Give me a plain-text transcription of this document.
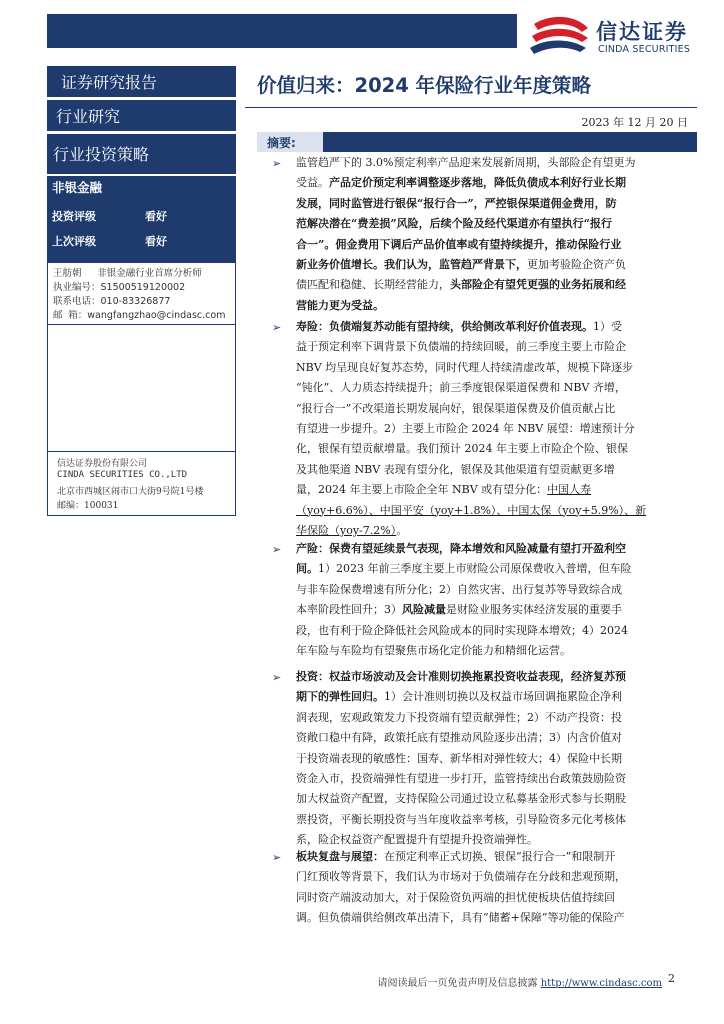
信达证券
CINDA SECURITIES
证券研究报告
行业研究
行业投资策略
非银金融
投资评级	看好
上次评级	看好
王舫朝 非银金融行业首席分析师
执业编号：S1500519120002
联系电话：010-83326877
邮 箱：wangfangzhao@cindasc.com
信达证券股份有限公司
CINDA SECURITIES CO.,LTD
北京市西城区闹市口大街9号院1号楼
邮编：100031
价值归来：2024 年保险行业年度策略
2023 年 12 月 20 日
摘要:
➢	监管趋严下的 3.0%预定利率产品迎来发展新周期，头部险企有望更为
受益。产品定价预定利率调整逐步落地，降低负债成本利好行业长期
发展，同时监管进行银保“报行合一”，严控银保渠道佣金费用，防
范解决潜在“费差损”风险，后续个险及经代渠道亦有望执行“报行
合一”。佣金费用下调后产品价值率或有望持续提升，推动保险行业
新业务价值增长。我们认为，监管趋严背景下，更加考验险企资产负
债匹配和稳健、长期经营能力，头部险企有望凭更强的业务拓展和经
营能力更为受益。
➢	寿险：负债端复苏动能有望持续，供给侧改革利好价值表现。1）受
益于预定利率下调背景下负债端的持续回暖，前三季度主要上市险企
NBV 均呈现良好复苏态势，同时代理人持续清虚改革，规模下降逐步
“钝化”、人力质态持续提升；前三季度银保渠道保费和 NBV 齐增，
“报行合一”不改渠道长期发展向好，银保渠道保费及价值贡献占比
有望进一步提升。2）主要上市险企 2024 年 NBV 展望：增速预计分
化，银保有望贡献增量。我们预计 2024 年主要上市险企个险、银保
及其他渠道 NBV 表现有望分化，银保及其他渠道有望贡献更多增
量，2024 年主要上市险企全年 NBV 或有望分化：中国人寿
（yoy+6.6%）、中国平安（yoy+1.8%）、中国太保（yoy+5.9%）、新
华保险（yoy-7.2%）。
➢	产险：保费有望延续景气表现，降本增效和风险减量有望打开盈利空
间。1）2023 年前三季度主要上市财险公司原保费收入普增，但车险
与非车险保费增速有所分化；2）自然灾害、出行复苏等导致综合成
本率阶段性回升；3）风险减量是财险业服务实体经济发展的重要手
段，也有利于险企降低社会风险成本的同时实现降本增效；4）2024
年车险与车险均有望聚焦市场化定价能力和精细化运营。
➢	投资：权益市场波动及会计准则切换拖累投资收益表现，经济复苏预
期下的弹性回归。1）会计准则切换以及权益市场回调拖累险企净利
润表现，宏观政策发力下投资端有望贡献弹性；2）不动产投资：投
资敞口稳中有降，政策托底有望推动风险逐步出清；3）内含价值对
于投资端表现的敏感性：国寿、新华相对弹性较大；4）保险中长期
资金入市，投资端弹性有望进一步打开，监管持续出台政策鼓励险资
加大权益资产配置，支持保险公司通过设立私募基金形式参与长期股
票投资，平衡长期投资与当年度收益率考核，引导险资多元化考核体
系，险企权益资产配置提升有望提升投资端弹性。
➢	板块复盘与展望：在预定利率正式切换、银保“报行合一”和限制开
门红预收等背景下，我们认为市场对于负债端存在分歧和悲观预期，
同时资产端波动加大，对于保险资负两端的担忧使板块估值持续回
调。但负债端供给侧改革出清下，具有“储蓄+保障”等功能的保险产
请阅读最后一页免责声明及信息披露 http://www.cindasc.com 2
